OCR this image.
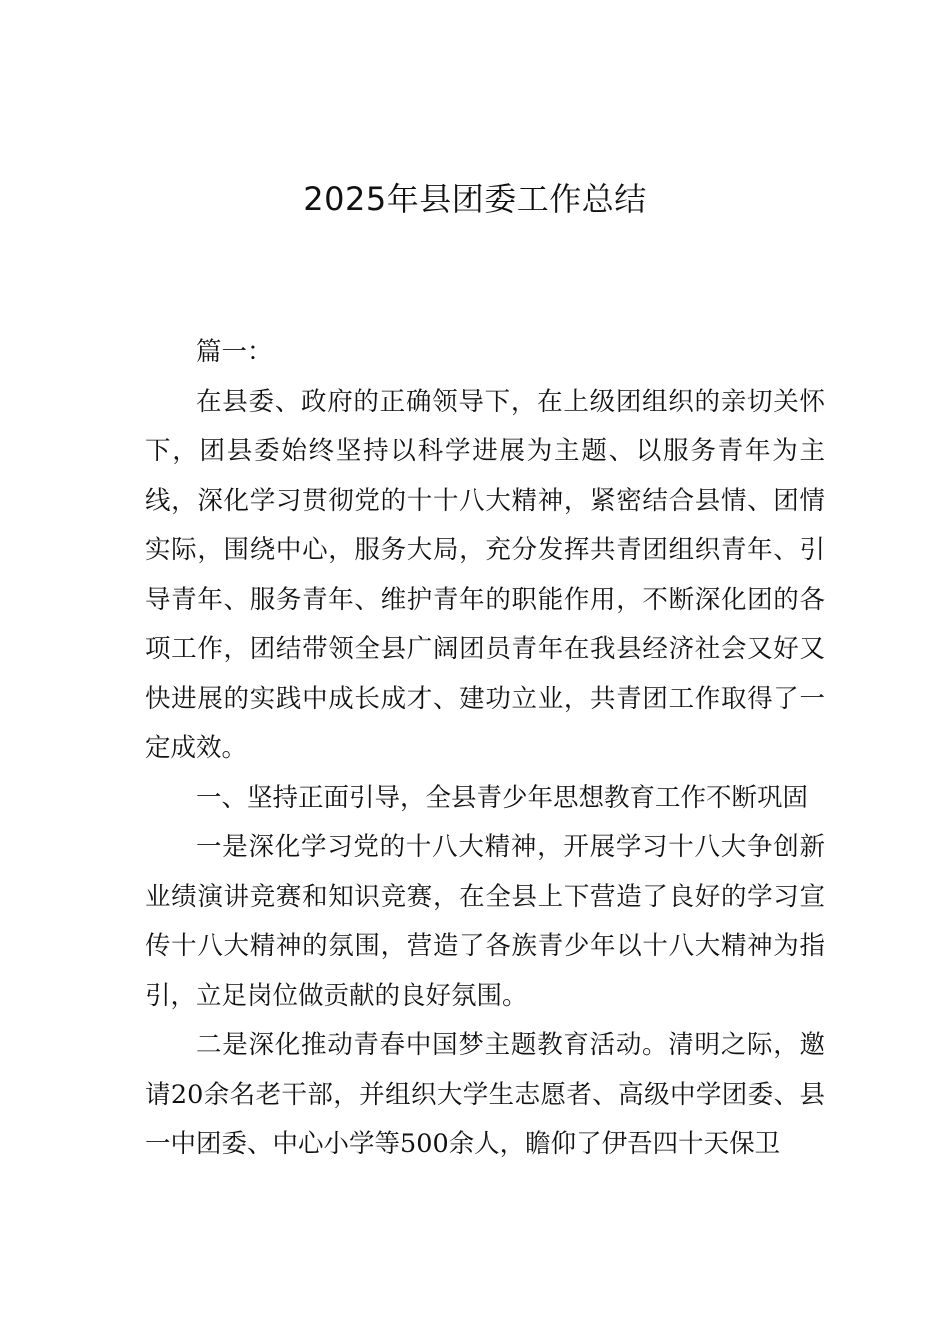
2025年县团委工作总结

篇一：

在县委、政府的正确领导下，在上级团组织的亲切关怀下，团县委始终坚持以科学进展为主题、以服务青年为主线，深化学习贯彻党的十十八大精神，紧密结合县情、团情实际，围绕中心，服务大局，充分发挥共青团组织青年、引导青年、服务青年、维护青年的职能作用，不断深化团的各项工作，团结带领全县广阔团员青年在我县经济社会又好又快进展的实践中成长成才、建功立业，共青团工作取得了一定成效。

一、坚持正面引导，全县青少年思想教育工作不断巩固

一是深化学习党的十八大精神，开展学习十八大争创新业绩演讲竞赛和知识竞赛，在全县上下营造了良好的学习宣传十八大精神的氛围，营造了各族青少年以十八大精神为指引，立足岗位做贡献的良好氛围。

二是深化推动青春中国梦主题教育活动。清明之际，邀请20余名老干部，并组织大学生志愿者、高级中学团委、县一中团委、中心小学等500余人，瞻仰了伊吾四十天保卫
